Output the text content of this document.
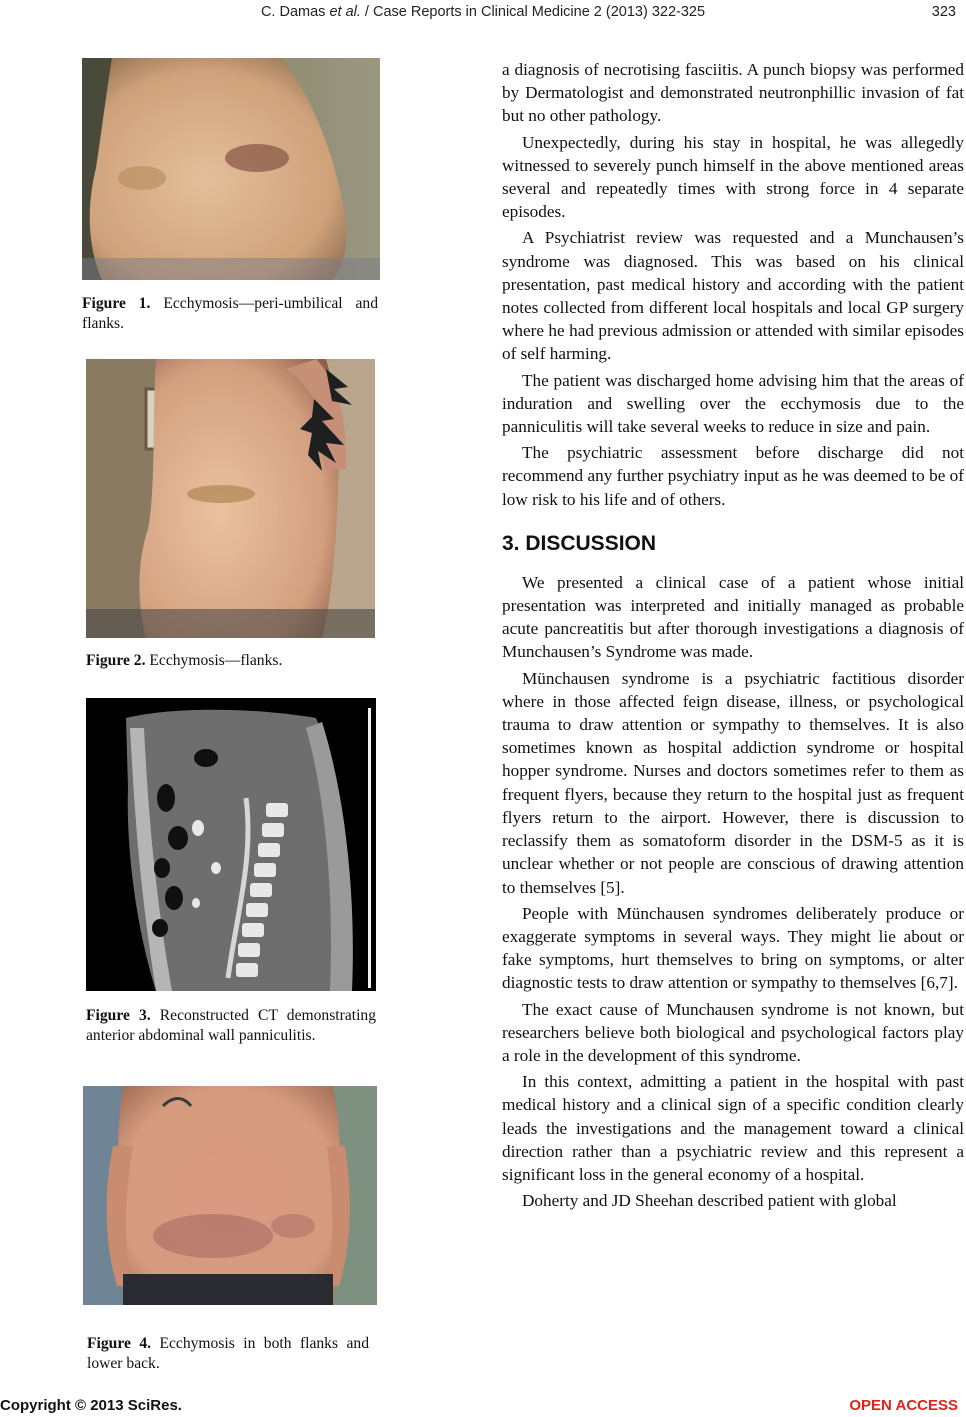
C. Damas et al. / Case Reports in Clinical Medicine 2 (2013) 322-325	323
Figure 1. Ecchymosis—peri-umbilical and flanks.
Figure 2. Ecchymosis—flanks.
Figure 3. Reconstructed CT demonstrating anterior abdominal wall panniculitis.
Figure 4. Ecchymosis in both flanks and lower back.

a diagnosis of necrotising fasciitis. A punch biopsy was performed by Dermatologist and demonstrated neutronphillic invasion of fat but no other pathology.

Unexpectedly, during his stay in hospital, he was allegedly witnessed to severely punch himself in the above mentioned areas several and repeatedly times with strong force in 4 separate episodes.

A Psychiatrist review was requested and a Munchausen’s syndrome was diagnosed. This was based on his clinical presentation, past medical history and according with the patient notes collected from different local hospitals and local GP surgery where he had previous admission or attended with similar episodes of self harming.

The patient was discharged home advising him that the areas of induration and swelling over the ecchymosis due to the panniculitis will take several weeks to reduce in size and pain.

The psychiatric assessment before discharge did not recommend any further psychiatry input as he was deemed to be of low risk to his life and of others.

3. DISCUSSION

We presented a clinical case of a patient whose initial presentation was interpreted and initially managed as probable acute pancreatitis but after thorough investigations a diagnosis of Munchausen’s Syndrome was made.

Münchausen syndrome is a psychiatric factitious disorder where in those affected feign disease, illness, or psychological trauma to draw attention or sympathy to themselves. It is also sometimes known as hospital addiction syndrome or hospital hopper syndrome. Nurses and doctors sometimes refer to them as frequent flyers, because they return to the hospital just as frequent flyers return to the airport. However, there is discussion to reclassify them as somatoform disorder in the DSM-5 as it is unclear whether or not people are conscious of drawing attention to themselves [5].

People with Münchausen syndromes deliberately produce or exaggerate symptoms in several ways. They might lie about or fake symptoms, hurt themselves to bring on symptoms, or alter diagnostic tests to draw attention or sympathy to themselves [6,7].

The exact cause of Munchausen syndrome is not known, but researchers believe both biological and psychological factors play a role in the development of this syndrome.

In this context, admitting a patient in the hospital with past medical history and a clinical sign of a specific condition clearly leads the investigations and the management toward a clinical direction rather than a psychiatric review and this represent a significant loss in the general economy of a hospital.

Doherty and JD Sheehan described patient with global

Copyright © 2013 SciRes.	OPEN ACCESS
